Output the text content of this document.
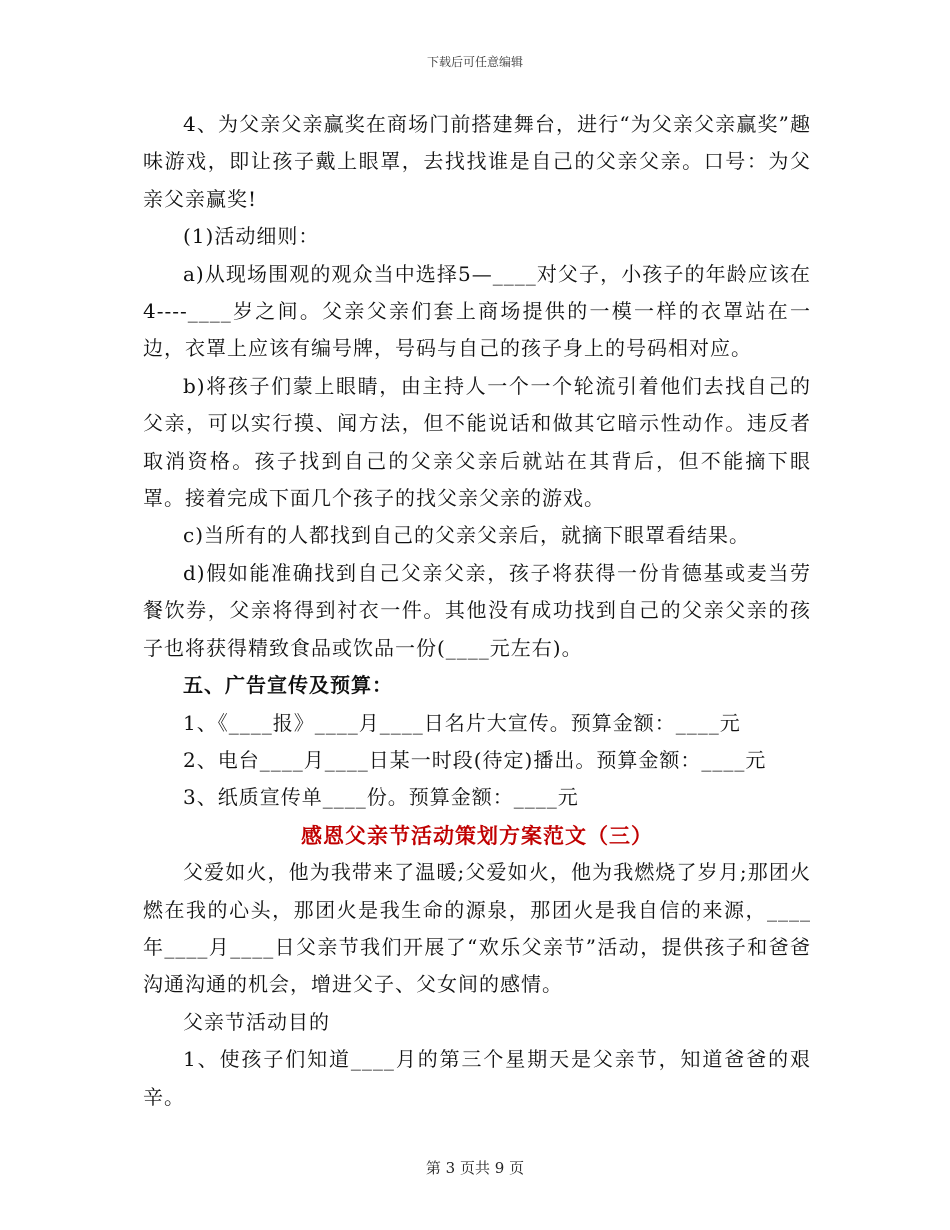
下载后可任意编辑

4、为父亲父亲赢奖在商场门前搭建舞台，进行“为父亲父亲赢奖”趣味游戏，即让孩子戴上眼罩，去找找谁是自己的父亲父亲。口号：为父亲父亲赢奖!

(1)活动细则：

a)从现场围观的观众当中选择5—____对父子，小孩子的年龄应该在4----____岁之间。父亲父亲们套上商场提供的一模一样的衣罩站在一边，衣罩上应该有编号牌，号码与自己的孩子身上的号码相对应。

b)将孩子们蒙上眼睛，由主持人一个一个轮流引着他们去找自己的父亲，可以实行摸、闻方法，但不能说话和做其它暗示性动作。违反者取消资格。孩子找到自己的父亲父亲后就站在其背后，但不能摘下眼罩。接着完成下面几个孩子的找父亲父亲的游戏。

c)当所有的人都找到自己的父亲父亲后，就摘下眼罩看结果。

d)假如能准确找到自己父亲父亲，孩子将获得一份肯德基或麦当劳餐饮券，父亲将得到衬衣一件。其他没有成功找到自己的父亲父亲的孩子也将获得精致食品或饮品一份(____元左右)。

五、广告宣传及预算：

1、《____报》____月____日名片大宣传。预算金额：____元

2、电台____月____日某一时段(待定)播出。预算金额：____元

3、纸质宣传单____份。预算金额：____元

感恩父亲节活动策划方案范文（三）

父爱如火，他为我带来了温暖;父爱如火，他为我燃烧了岁月;那团火燃在我的心头，那团火是我生命的源泉，那团火是我自信的来源，____年____月____日父亲节我们开展了“欢乐父亲节”活动，提供孩子和爸爸沟通沟通的机会，增进父子、父女间的感情。

父亲节活动目的

1、使孩子们知道____月的第三个星期天是父亲节，知道爸爸的艰辛。

第 3 页共 9 页
